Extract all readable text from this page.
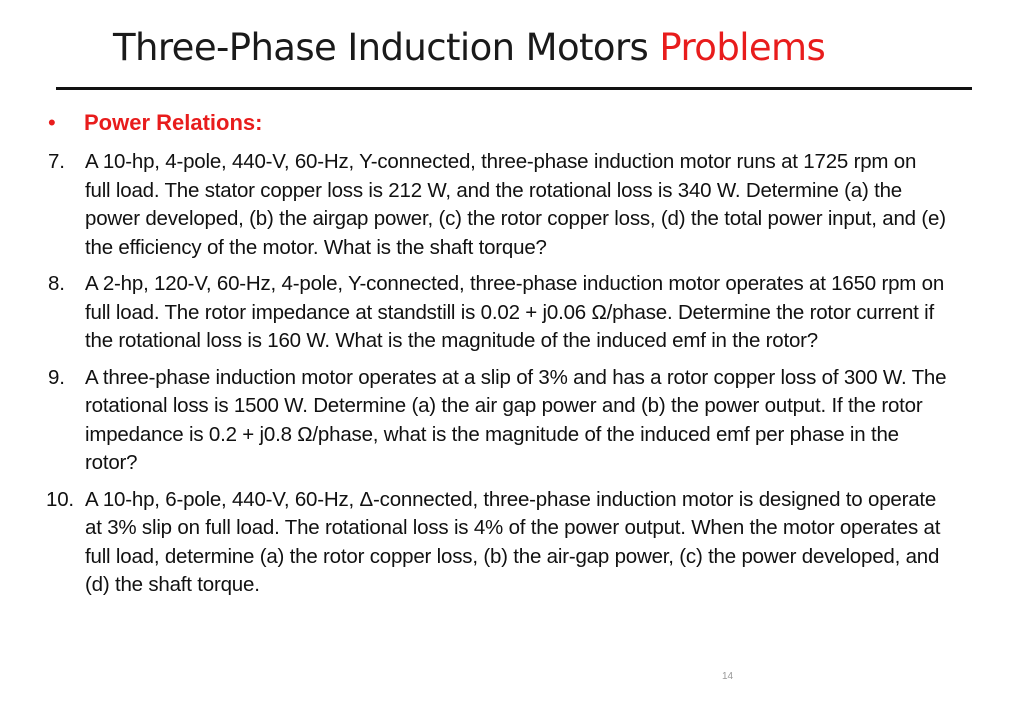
Three-Phase Induction Motors Problems
• Power Relations:
7. A 10-hp, 4-pole, 440-V, 60-Hz, Y-connected, three-phase induction motor runs at 1725 rpm on full load. The stator copper loss is 212 W, and the rotational loss is 340 W. Determine (a) the power developed, (b) the airgap power, (c) the rotor copper loss, (d) the total power input, and (e) the efficiency of the motor. What is the shaft torque?
8. A 2-hp, 120-V, 60-Hz, 4-pole, Y-connected, three-phase induction motor operates at 1650 rpm on full load. The rotor impedance at standstill is 0.02 + j0.06 Ω/phase. Determine the rotor current if the rotational loss is 160 W. What is the magnitude of the induced emf in the rotor?
9. A three-phase induction motor operates at a slip of 3% and has a rotor copper loss of 300 W. The rotational loss is 1500 W. Determine (a) the air gap power and (b) the power output. If the rotor impedance is 0.2 + j0.8 Ω/phase, what is the magnitude of the induced emf per phase in the rotor?
10. A 10-hp, 6-pole, 440-V, 60-Hz, Δ-connected, three-phase induction motor is designed to operate at 3% slip on full load. The rotational loss is 4% of the power output. When the motor operates at full load, determine (a) the rotor copper loss, (b) the air-gap power, (c) the power developed, and (d) the shaft torque.
14
